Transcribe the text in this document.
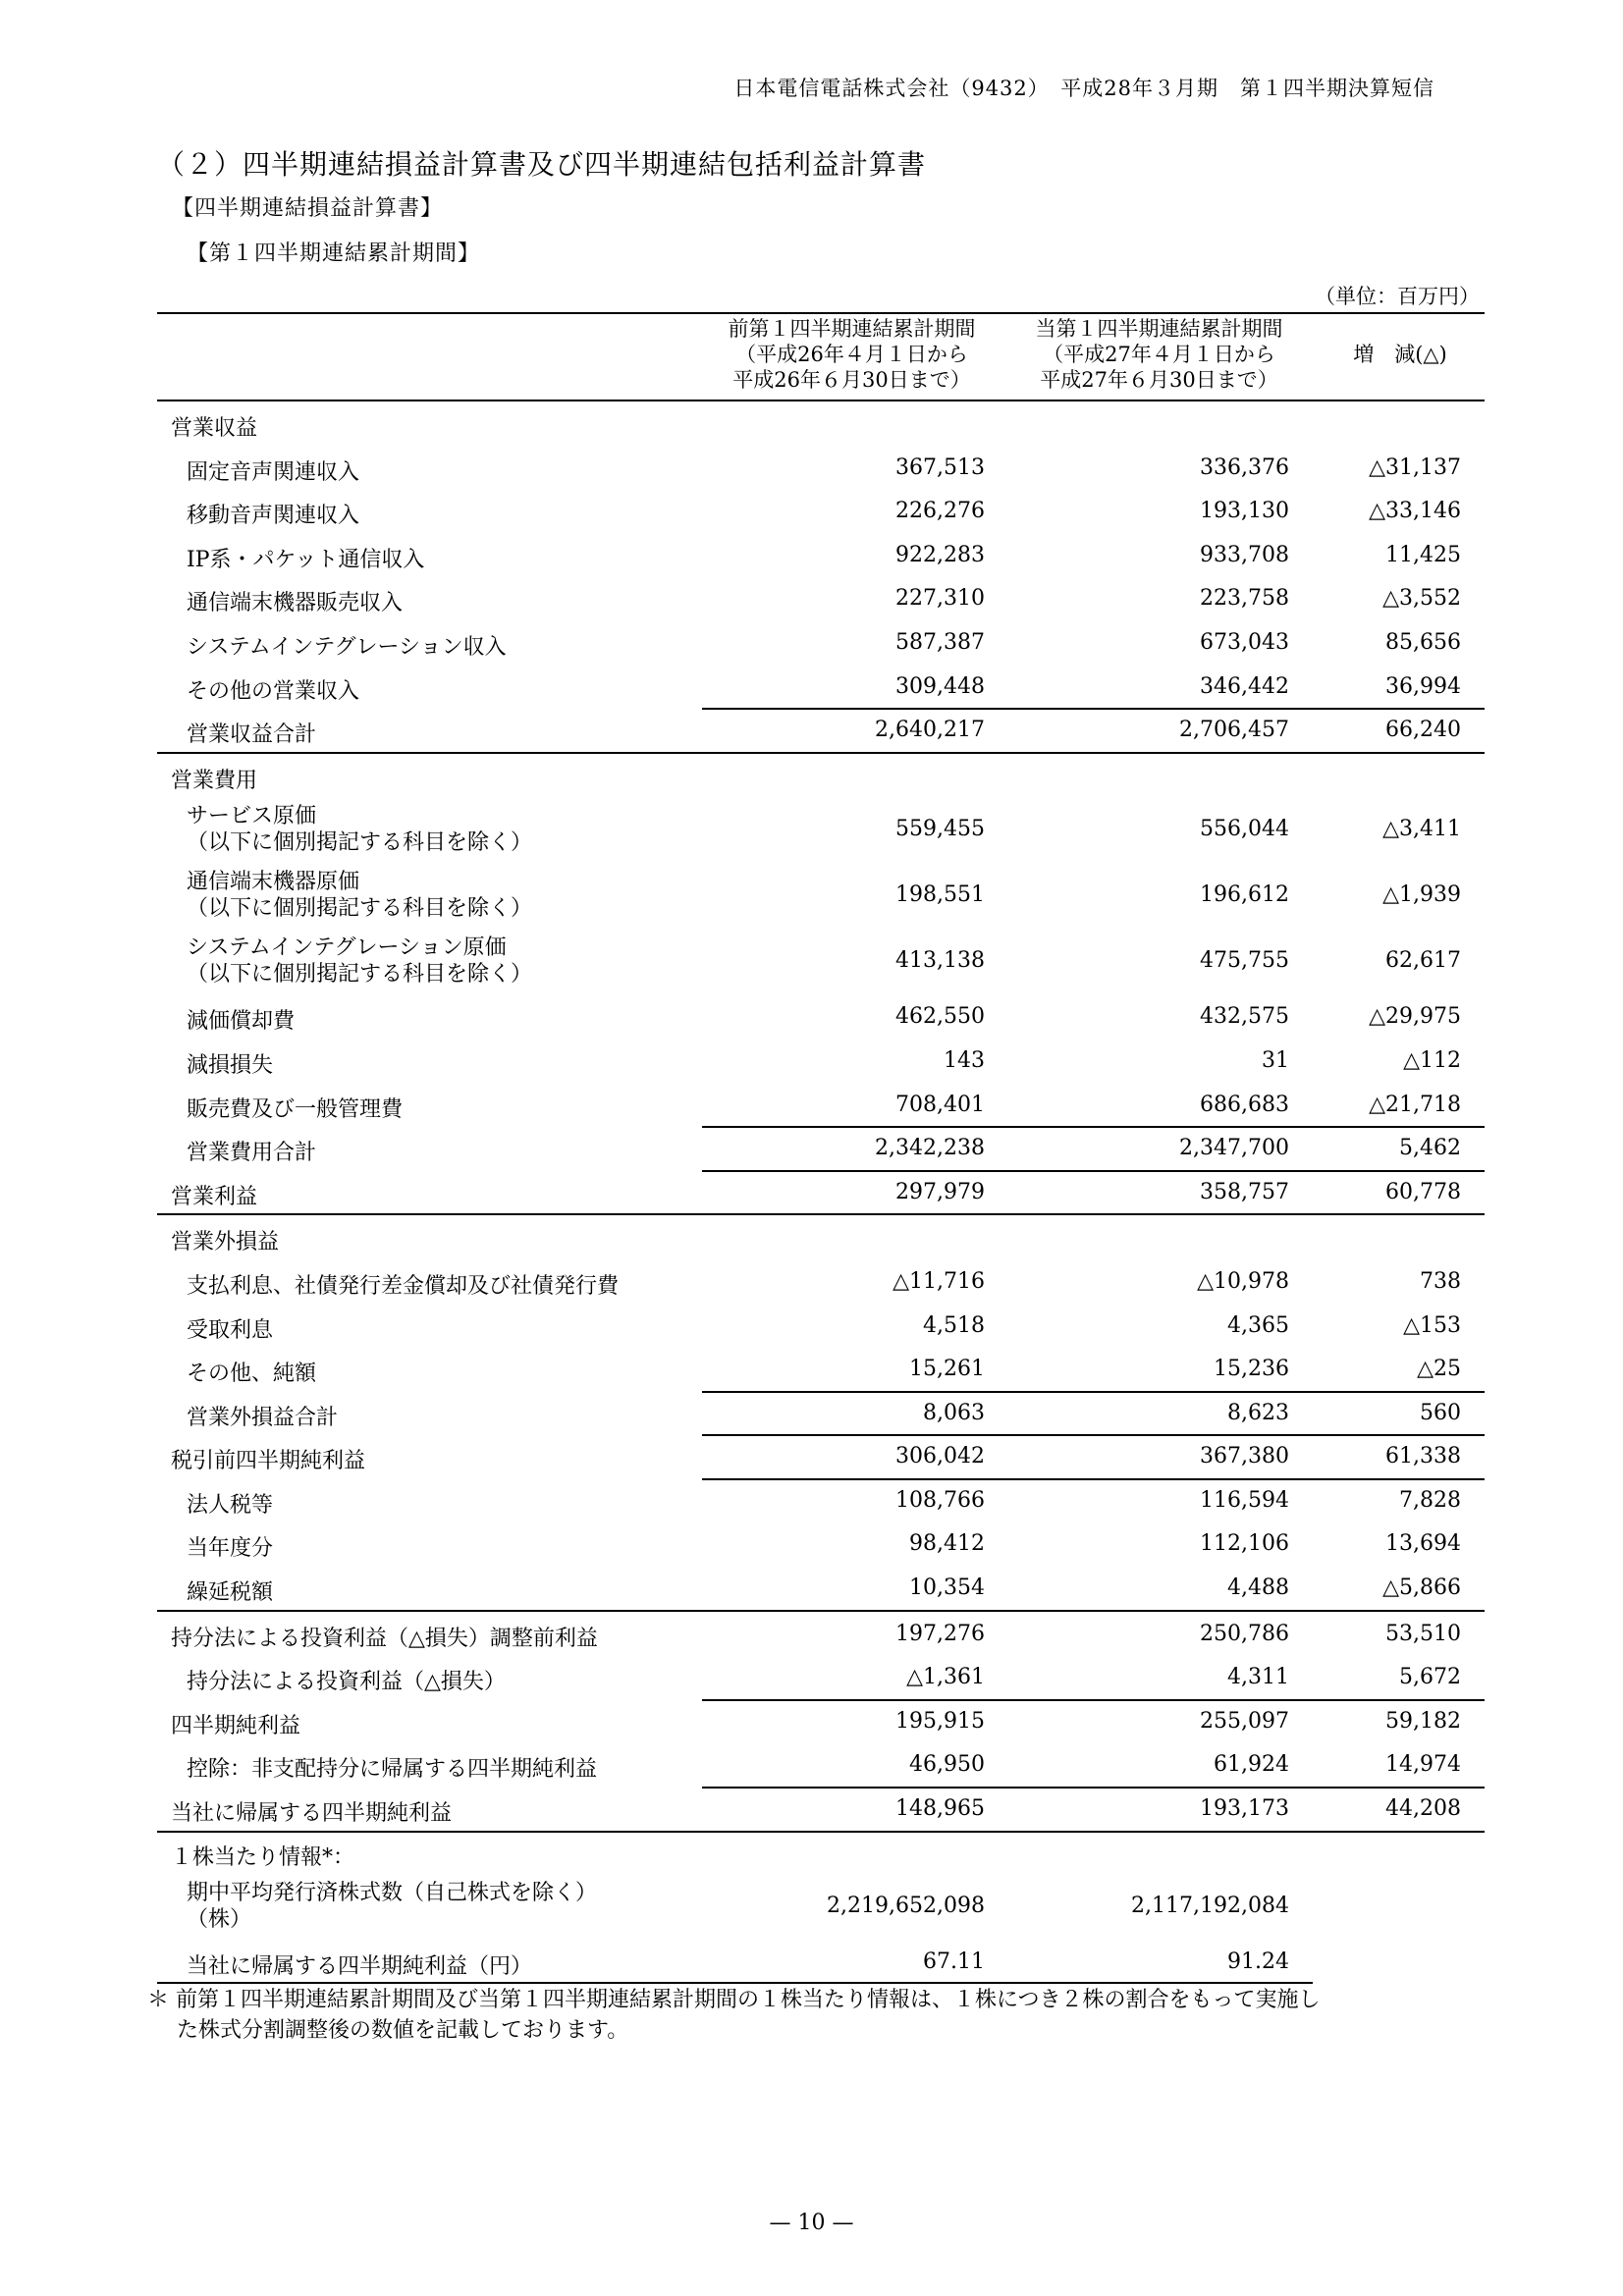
日本電信電話株式会社（9432）　平成28年３月期　第１四半期決算短信
（２）四半期連結損益計算書及び四半期連結包括利益計算書
【四半期連結損益計算書】
【第１四半期連結累計期間】
（単位：百万円）
前第１四半期連結累計期間
（平成26年４月１日から
平成26年６月30日まで）
当第１四半期連結累計期間
（平成27年４月１日から
平成27年６月30日まで）
増　減(△)
営業収益
固定音声関連収入	367,513	336,376	△31,137
移動音声関連収入	226,276	193,130	△33,146
IP系・パケット通信収入	922,283	933,708	11,425
通信端末機器販売収入	227,310	223,758	△3,552
システムインテグレーション収入	587,387	673,043	85,656
その他の営業収入	309,448	346,442	36,994
営業収益合計	2,640,217	2,706,457	66,240
営業費用
サービス原価
（以下に個別掲記する科目を除く）
559,455	556,044	△3,411
通信端末機器原価
（以下に個別掲記する科目を除く）
198,551	196,612	△1,939
システムインテグレーション原価
（以下に個別掲記する科目を除く）
413,138	475,755	62,617
減価償却費	462,550	432,575	△29,975
減損損失	143	31	△112
販売費及び一般管理費	708,401	686,683	△21,718
営業費用合計	2,342,238	2,347,700	5,462
営業利益	297,979	358,757	60,778
営業外損益
支払利息、社債発行差金償却及び社債発行費	△11,716	△10,978	738
受取利息	4,518	4,365	△153
その他、純額	15,261	15,236	△25
営業外損益合計	8,063	8,623	560
税引前四半期純利益	306,042	367,380	61,338
法人税等	108,766	116,594	7,828
当年度分	98,412	112,106	13,694
繰延税額	10,354	4,488	△5,866
持分法による投資利益（△損失）調整前利益	197,276	250,786	53,510
持分法による投資利益（△損失）	△1,361	4,311	5,672
四半期純利益	195,915	255,097	59,182
控除：非支配持分に帰属する四半期純利益	46,950	61,924	14,974
当社に帰属する四半期純利益	148,965	193,173	44,208
１株当たり情報*：
期中平均発行済株式数（自己株式を除く）
（株）
2,219,652,098	2,117,192,084
当社に帰属する四半期純利益（円）	67.11	91.24
＊ 前第１四半期連結累計期間及び当第１四半期連結累計期間の１株当たり情報は、１株につき２株の割合をもって実施し
た株式分割調整後の数値を記載しております。
— 10 —
